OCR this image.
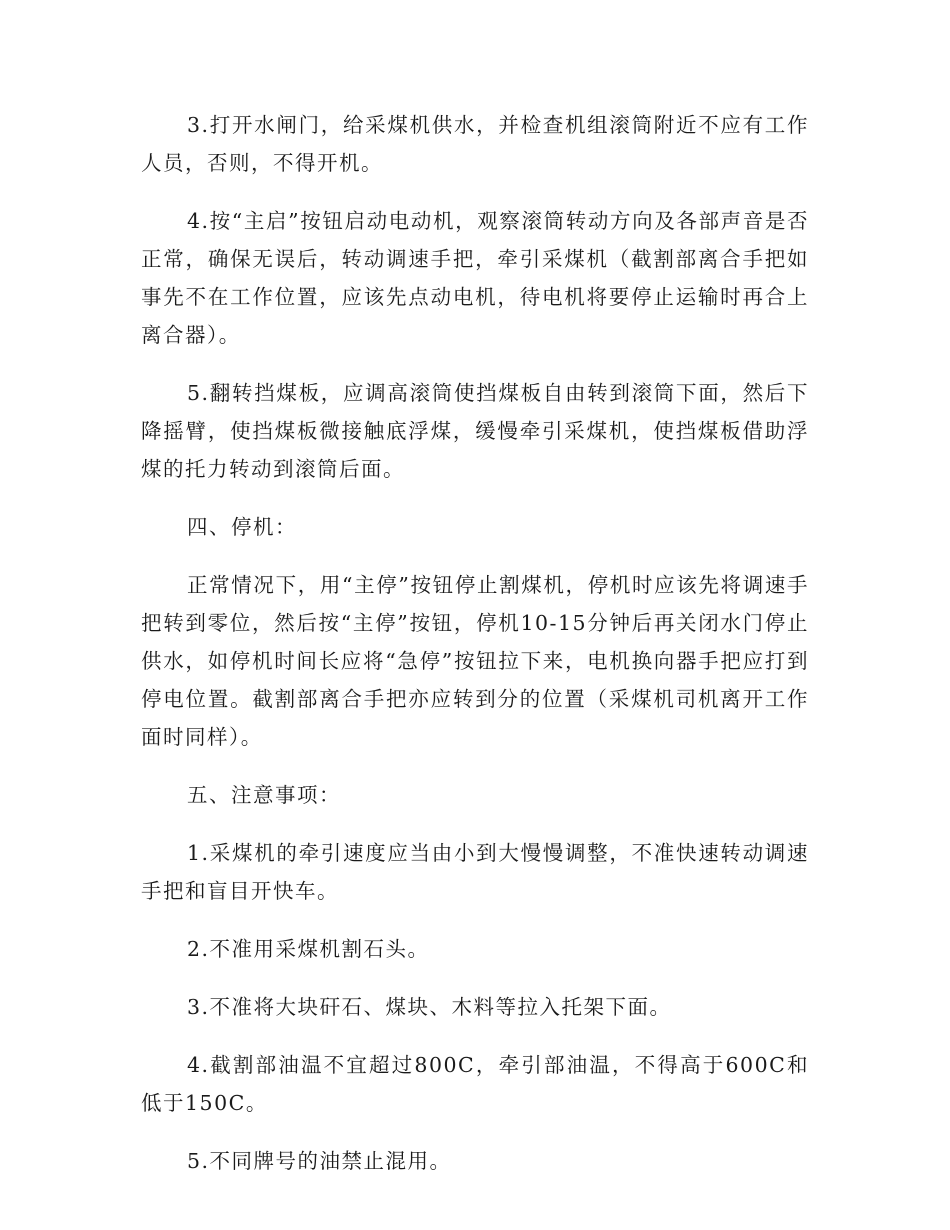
3.打开水闸门，给采煤机供水，并检查机组滚筒附近不应有工作人员，否则，不得开机。

4.按“主启”按钮启动电动机，观察滚筒转动方向及各部声音是否正常，确保无误后，转动调速手把，牵引采煤机（截割部离合手把如事先不在工作位置，应该先点动电机，待电机将要停止运输时再合上离合器）。

5.翻转挡煤板，应调高滚筒使挡煤板自由转到滚筒下面，然后下降摇臂，使挡煤板微接触底浮煤，缓慢牵引采煤机，使挡煤板借助浮煤的托力转动到滚筒后面。

四、停机：

正常情况下，用“主停”按钮停止割煤机，停机时应该先将调速手把转到零位，然后按“主停”按钮，停机10-15分钟后再关闭水门停止供水，如停机时间长应将“急停”按钮拉下来，电机换向器手把应打到停电位置。截割部离合手把亦应转到分的位置（采煤机司机离开工作面时同样）。

五、注意事项：

1.采煤机的牵引速度应当由小到大慢慢调整，不准快速转动调速手把和盲目开快车。

2.不准用采煤机割石头。

3.不准将大块矸石、煤块、木料等拉入托架下面。

4.截割部油温不宜超过800C，牵引部油温，不得高于600C和低于150C。

5.不同牌号的油禁止混用。
